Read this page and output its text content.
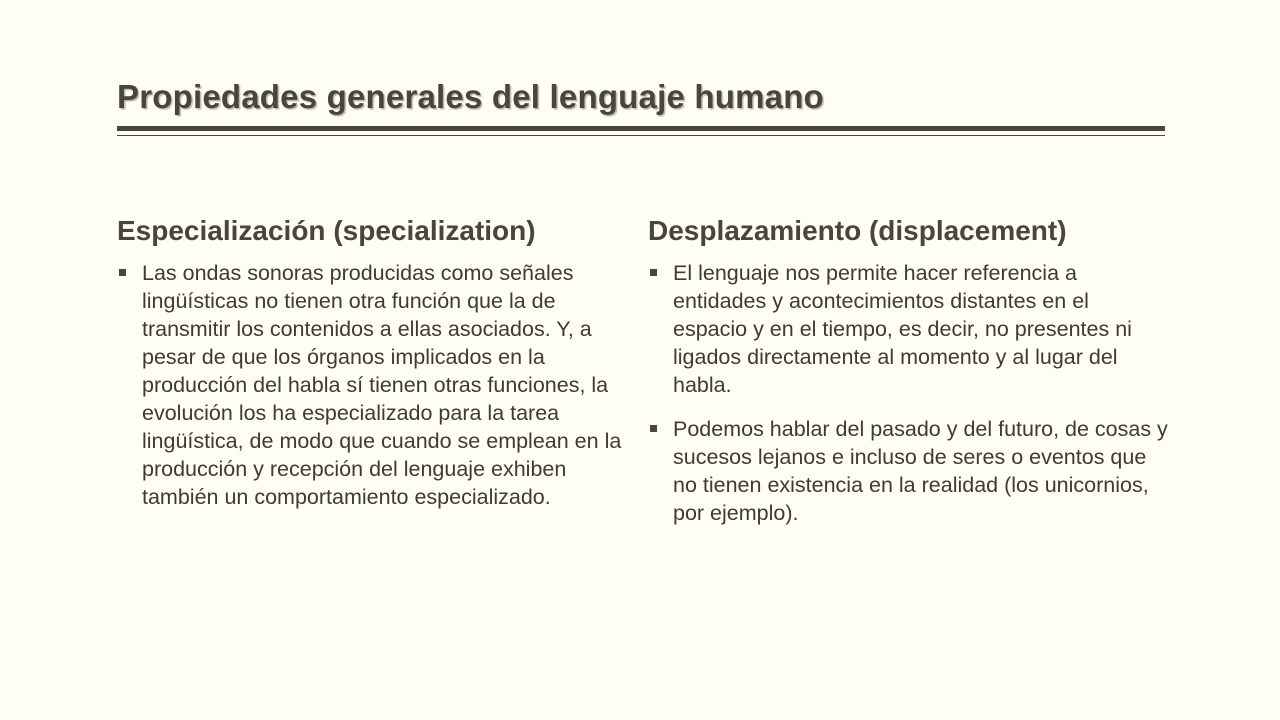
Propiedades generales del lenguaje humano
Especialización (specialization)
Las ondas sonoras producidas como señales lingüísticas no tienen otra función que la de transmitir los contenidos a ellas asociados. Y, a pesar de que los órganos implicados en la producción del habla sí tienen otras funciones, la evolución los ha especializado para la tarea lingüística, de modo que cuando se emplean en la producción y recepción del lenguaje exhiben también un comportamiento especializado.
Desplazamiento (displacement)
El lenguaje nos permite hacer referencia a entidades y acontecimientos distantes en el espacio y en el tiempo, es decir, no presentes ni ligados directamente al momento y al lugar del habla.
Podemos hablar del pasado y del futuro, de cosas y sucesos lejanos e incluso de seres o eventos que no tienen existencia en la realidad (los unicornios, por ejemplo).
